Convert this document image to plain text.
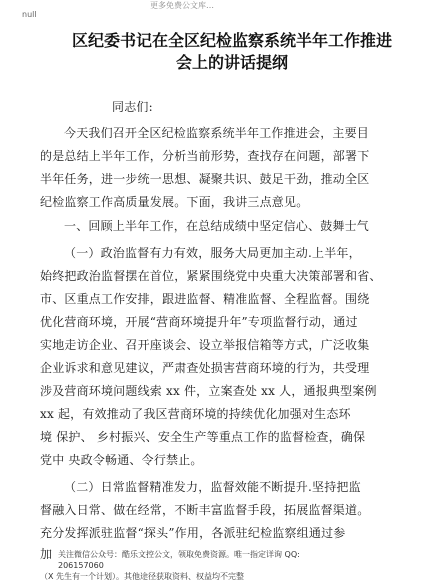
更多免费公文库…
null
区纪委书记在全区纪检监察系统半年工作推进
会上的讲话提纲
同志们:
今天我们召开全区纪检监察系统半年工作推进会，主要目
的是总结上半年工作，分析当前形势，查找存在问题，部署下
半年任务，进一步统一思想、凝聚共识、鼓足干劲，推动全区
纪检监察工作高质量发展。下面，我讲三点意见。
一、回顾上半年工作，在总结成绩中坚定信心、鼓舞士气
（一）政治监督有力有效，服务大局更加主动.上半年，
始终把政治监督摆在首位，紧紧围绕党中央重大决策部署和省、
市、区重点工作安排，跟进监督、精准监督、全程监督。围绕
优化营商环境，开展“营商环境提升年”专项监督行动，通过
实地走访企业、召开座谈会、设立举报信箱等方式，广泛收集
企业诉求和意见建议，严肃查处损害营商环境的行为，共受理
涉及营商环境问题线索 xx 件，立案查处 xx 人，通报典型案例
xx 起，有效推动了我区营商环境的持续优化加强对生态环
境 保护、 乡村振兴、安全生产等重点工作的监督检查，确保
党中 央政令畅通、令行禁止。
（二）日常监督精准发力，监督效能不断提升.坚持把监
督融入日常、做在经常，不断丰富监督手段，拓展监督渠道。
充分发挥派驻监督“探头”作用，各派驻纪检监察组通过参
加 关注微信公众号：酷乐文控公文，领取免费资源。唯一指定详询 QQ:
206157060
（X 先生有一个计划）。其他途径获取资料、权益均不完整
